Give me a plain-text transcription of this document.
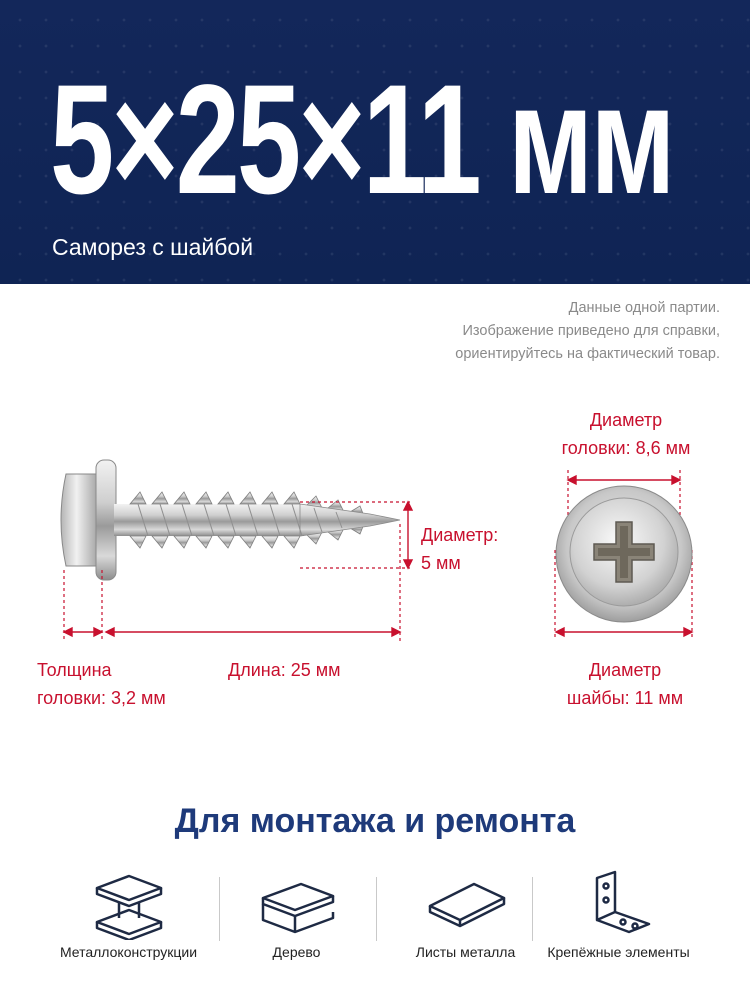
5×25×11 мм
Саморез с шайбой
Данные одной партии.
Изображение приведено для справки,
ориентируйтесь на фактический товар.
Диаметр:
5 мм
Толщина
головки: 3,2 мм
Длина: 25 мм
Диаметр
головки: 8,6 мм
Диаметр
шайбы: 11 мм
Для монтажа и ремонта
Металлоконструкции	Дерево	Листы металла	Крепёжные элементы
